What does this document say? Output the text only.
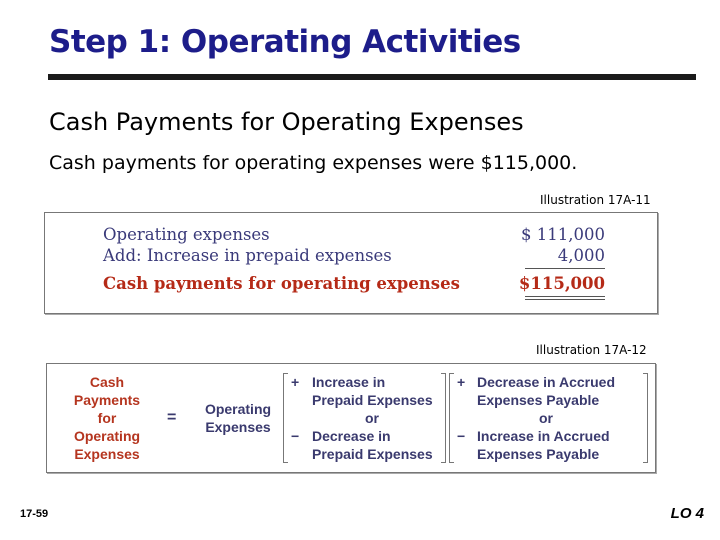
Step 1: Operating Activities
Cash Payments for Operating Expenses
Cash payments for operating expenses were $115,000.
Illustration 17A-11
Operating expenses	$ 111,000
Add: Increase in prepaid expenses	4,000
Cash payments for operating expenses	$115,000
Illustration 17A-12
Cash
Payments
for
Operating
Expenses
=	Operating
Expenses
+ Increase in
Prepaid Expenses
or
− Decrease in
Prepaid Expenses
+ Decrease in Accrued
Expenses Payable
or
− Increase in Accrued
Expenses Payable
17-59	LO 4
